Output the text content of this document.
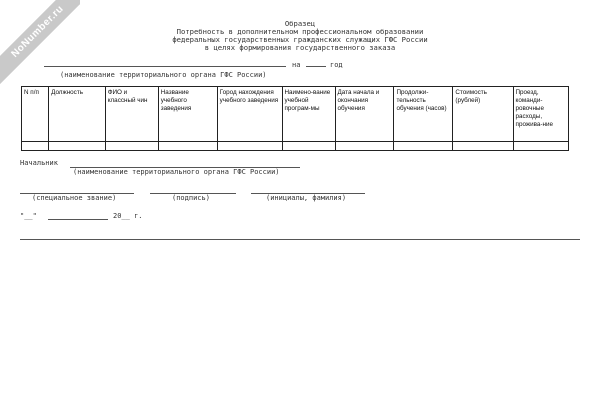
NoNumber.ru	Образец
Потребность в дополнительном профессиональном образовании
федеральных государственных гражданских служащих ГФС России
в целях формирования государственного заказа
на	год
(наименование территориального органа ГФС России)
N п/п	Должность	ФИО и классный чин	Название учебного заведения	Город нахождения учебного заведения	Наимено-вание учебной програм-мы	Дата начала и окончания обучения	Продолжи-тельность обучения (часов)	Стоимость (рублей)	Проезд, команди-ровочные расходы, прожива-ние

Начальник
(наименование территориального органа ГФС России)
(специальное звание)	(подпись)	(инициалы, фамилия)
"__"	20__ г.
